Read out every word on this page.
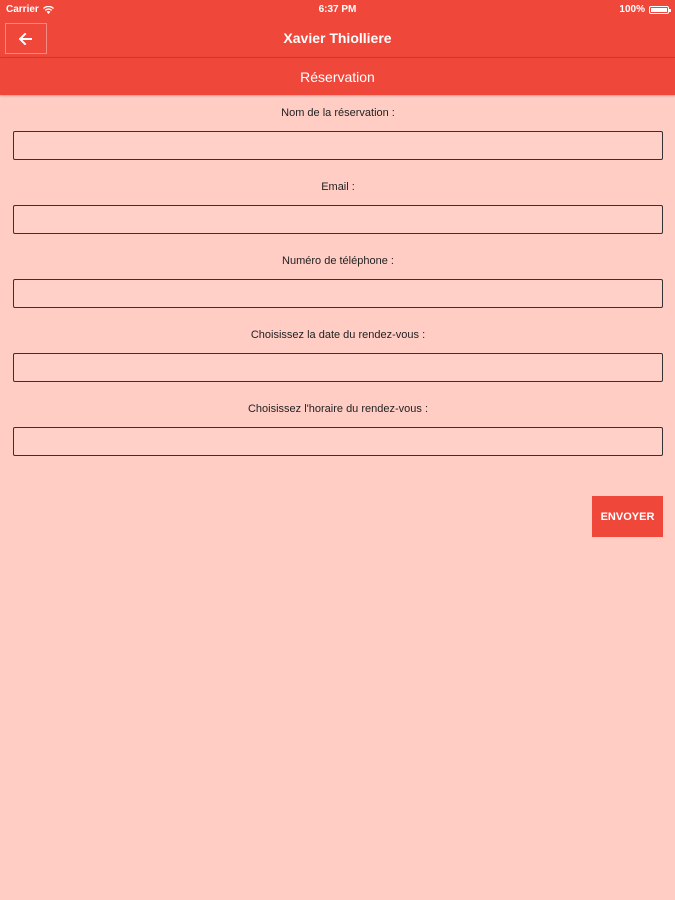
Carrier	6:37 PM	100%
Xavier Thiolliere
Réservation
Nom de la réservation :
Email :
Numéro de téléphone :
Choisissez la date du rendez-vous :
Choisissez l'horaire du rendez-vous :
ENVOYER
